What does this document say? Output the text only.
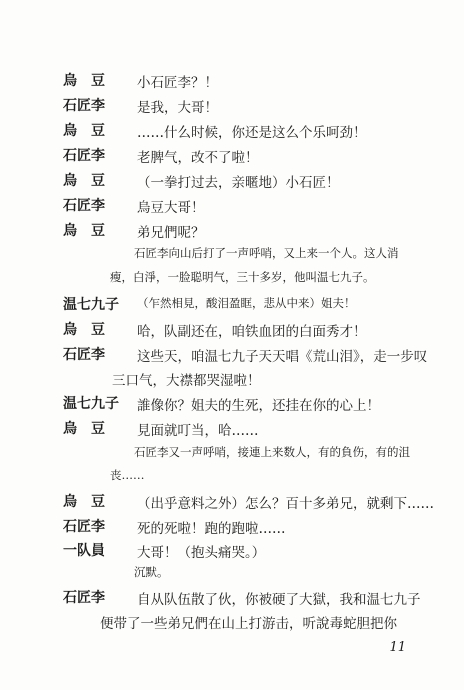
烏　豆 小石匠李？！
石匠李 是我，大哥！
烏　豆 ……什么时候，你还是这么个乐呵劲！
石匠李 老脾气，改不了啦！
烏　豆 （一拳打过去，亲暱地）小石匠！
石匠李 烏豆大哥！
烏　豆 弟兄們呢？
石匠李向山后打了一声呼哨，又上来一个人。这人消
瘦，白淨，一脸聪明气，三十多岁，他叫温七九子。
温七九子 （乍然相見，酸泪盈眶，悲从中来）姐夫！
烏　豆 哈，队副还在，咱铁血团的白面秀才！
石匠李 这些天，咱温七九子天天唱《荒山泪》，走一步叹
三口气，大襟都哭湿啦！
温七九子 誰像你？姐夫的生死，还挂在你的心上！
烏　豆 見面就叮当，哈……
石匠李又一声呼哨，接連上来数人，有的負伤，有的沮
丧……
烏　豆 （出乎意料之外）怎么？百十多弟兄，就剩下……
石匠李 死的死啦！跑的跑啦……
一队員 大哥！（抱头痛哭。）
沉默。
石匠李 自从队伍散了伙，你被硬了大獄，我和温七九子
便带了一些弟兄們在山上打游击，听說毒蛇胆把你
11
